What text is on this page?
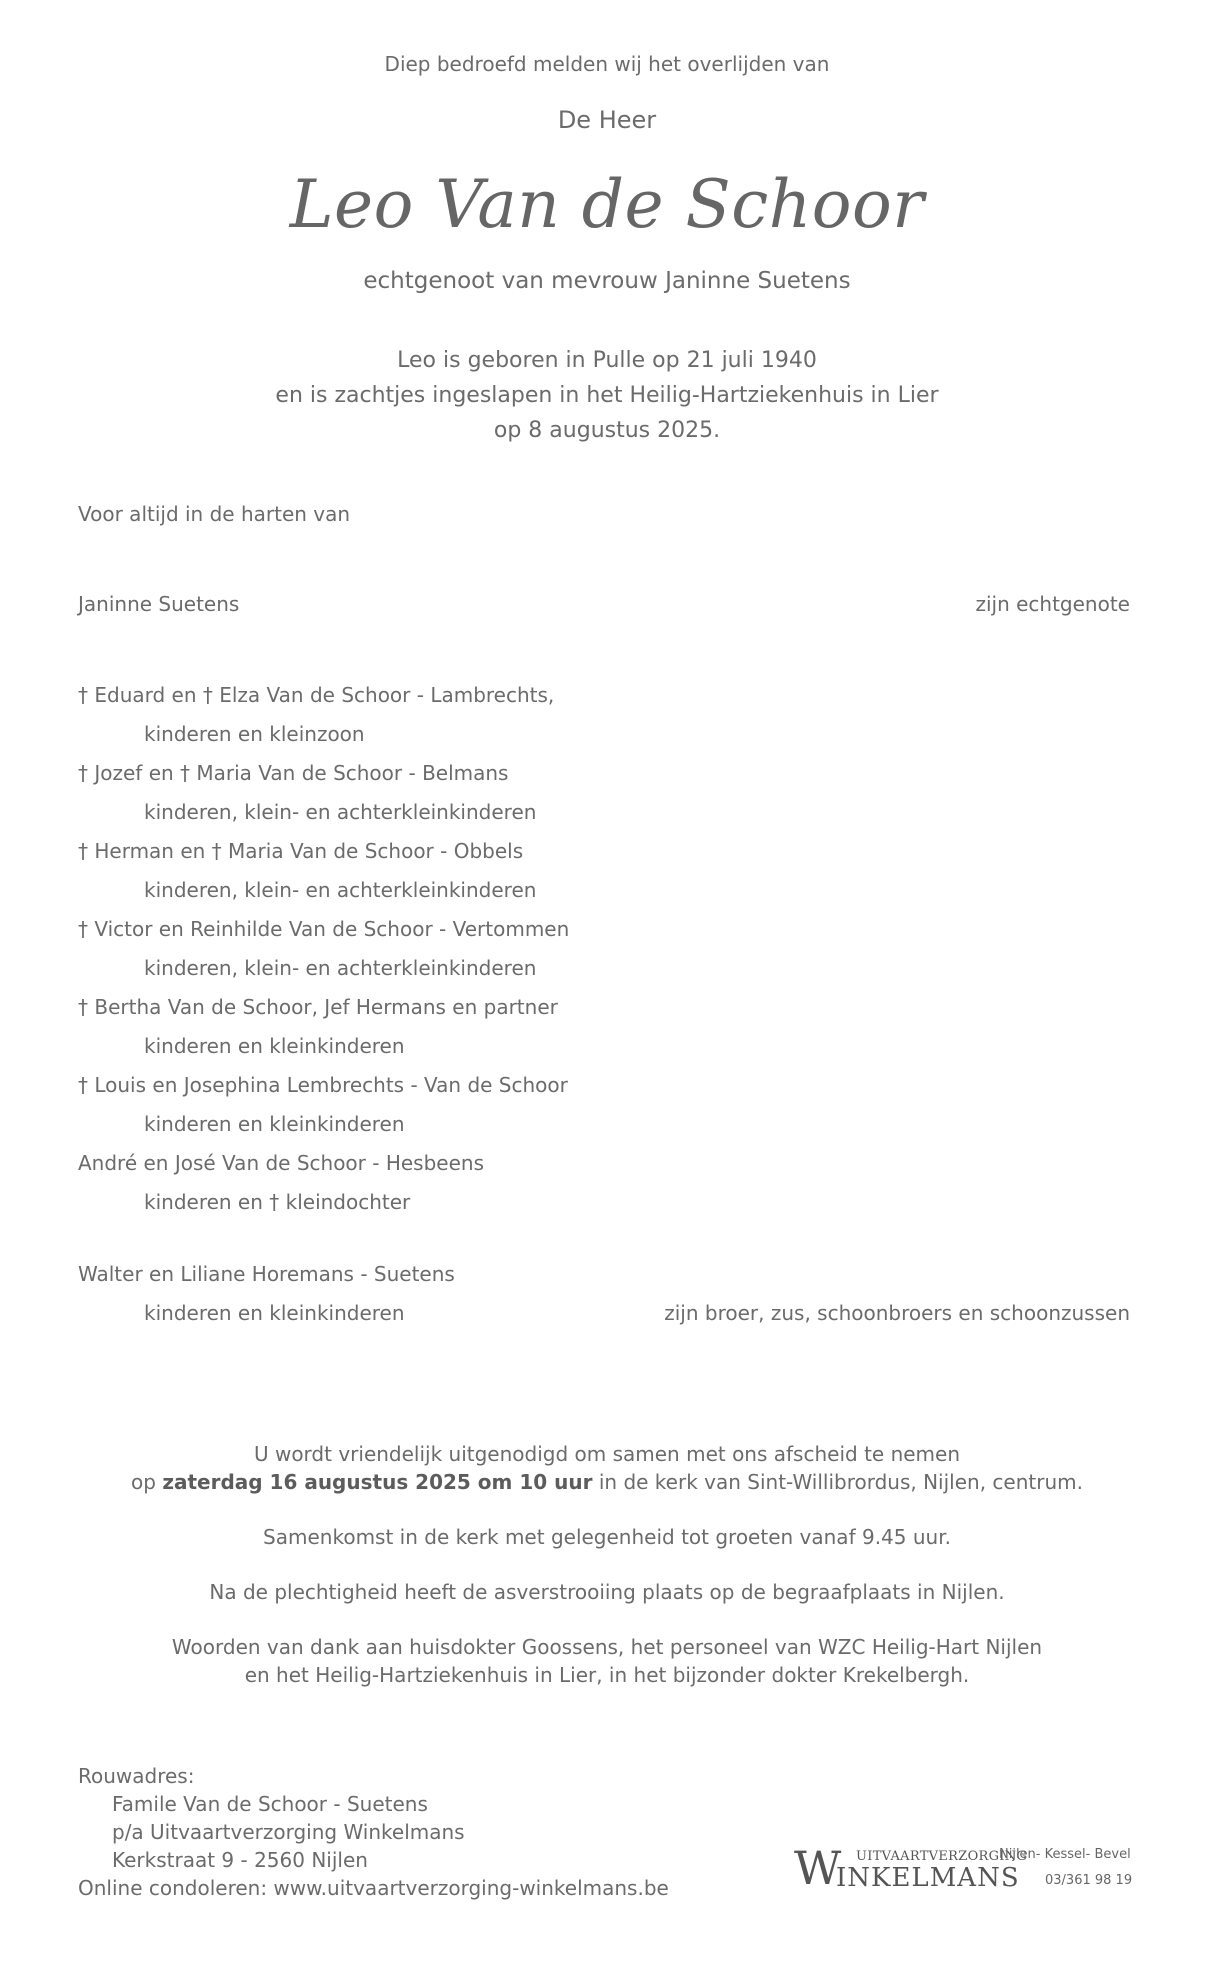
Diep bedroefd melden wij het overlijden van
De Heer
Leo Van de Schoor
echtgenoot van mevrouw Janinne Suetens
Leo is geboren in Pulle op 21 juli 1940
en is zachtjes ingeslapen in het Heilig-Hartziekenhuis in Lier
op 8 augustus 2025.
Voor altijd in de harten van
Janinne Suetens	zijn echtgenote
† Eduard en † Elza Van de Schoor - Lambrechts,
kinderen en kleinzoon
† Jozef en † Maria Van de Schoor - Belmans
kinderen, klein- en achterkleinkinderen
† Herman en † Maria Van de Schoor - Obbels
kinderen, klein- en achterkleinkinderen
† Victor en Reinhilde Van de Schoor - Vertommen
kinderen, klein- en achterkleinkinderen
† Bertha Van de Schoor, Jef Hermans en partner
kinderen en kleinkinderen
† Louis en Josephina Lembrechts - Van de Schoor
kinderen en kleinkinderen
André en José Van de Schoor - Hesbeens
kinderen en † kleindochter
Walter en Liliane Horemans - Suetens
kinderen en kleinkinderen	zijn broer, zus, schoonbroers en schoonzussen

U wordt vriendelijk uitgenodigd om samen met ons afscheid te nemen

op zaterdag 16 augustus 2025 om 10 uur in de kerk van Sint-Willibrordus, Nijlen, centrum.

Samenkomst in de kerk met gelegenheid tot groeten vanaf 9.45 uur.

Na de plechtigheid heeft de asverstrooiing plaats op de begraafplaats in Nijlen.

Woorden van dank aan huisdokter Goossens, het personeel van WZC Heilig-Hart Nijlen

en het Heilig-Hartziekenhuis in Lier, in het bijzonder dokter Krekelbergh.

Rouwadres:
Famile Van de Schoor - Suetens
p/a Uitvaartverzorging Winkelmans
Kerkstraat 9 - 2560 Nijlen
Online condoleren: www.uitvaartverzorging-winkelmans.be	W UITVAARTVERZORGING
INKELMANS
Nijlen- Kessel- Bevel
03/361 98 19
